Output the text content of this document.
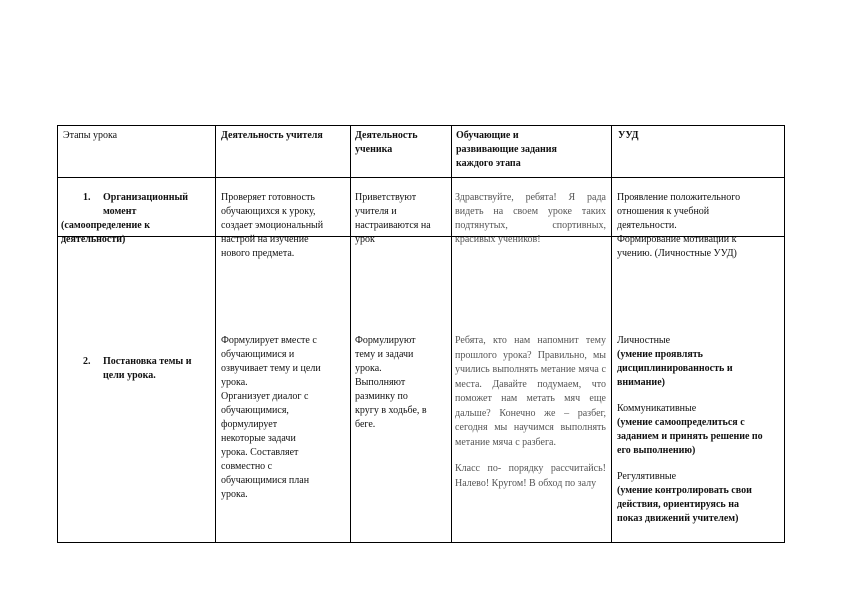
Этапы урока	Деятельность учителя	Деятельность
ученика
Обучающие и
развивающие задания
каждого этапа
УУД
1. Организационный
момент
(самоопределение к
деятельности)
Проверяет готовность
обучающихся к уроку,
создает эмоциональный
настрой на изучение
нового предмета.
Приветствуют
учителя и
настраиваются на
урок

Здравствуйте, ребята! Я рада видеть на своем уроке таких подтянутых, спортивных, красивых учеников!

Проявление положительного
отношения к учебной
деятельности.
Формирование мотивации к
учению. (Личностные УУД)
2. Постановка темы и
цели урока.
Формулирует вместе с
обучающимися и
озвучивает тему и цели
урока.
Организует диалог с
обучающимися,
формулирует
некоторые задачи
урока. Составляет
совместно с
обучающимися план
урока.
Формулируют
тему и задачи
урока.
Выполняют
разминку по
кругу в ходьбе, в
беге.

Ребята, кто нам напомнит тему прошлого урока? Правильно, мы учились выполнять метание мяча с места. Давайте подумаем, что поможет нам метать мяч еще дальше? Конечно же – разбег, сегодня мы научимся выполнять метание мяча с разбега.

Класс по- порядку рассчитайсь! Налево! Кругом! В обход по залу

Личностные
(умение проявлять
дисциплинированность и
внимание)
Коммуникативные
(умение самоопределиться с
заданием и принять решение по
его выполнению)
Регулятивные
(умение контролировать свои
действия, ориентируясь на
показ движений учителем)
